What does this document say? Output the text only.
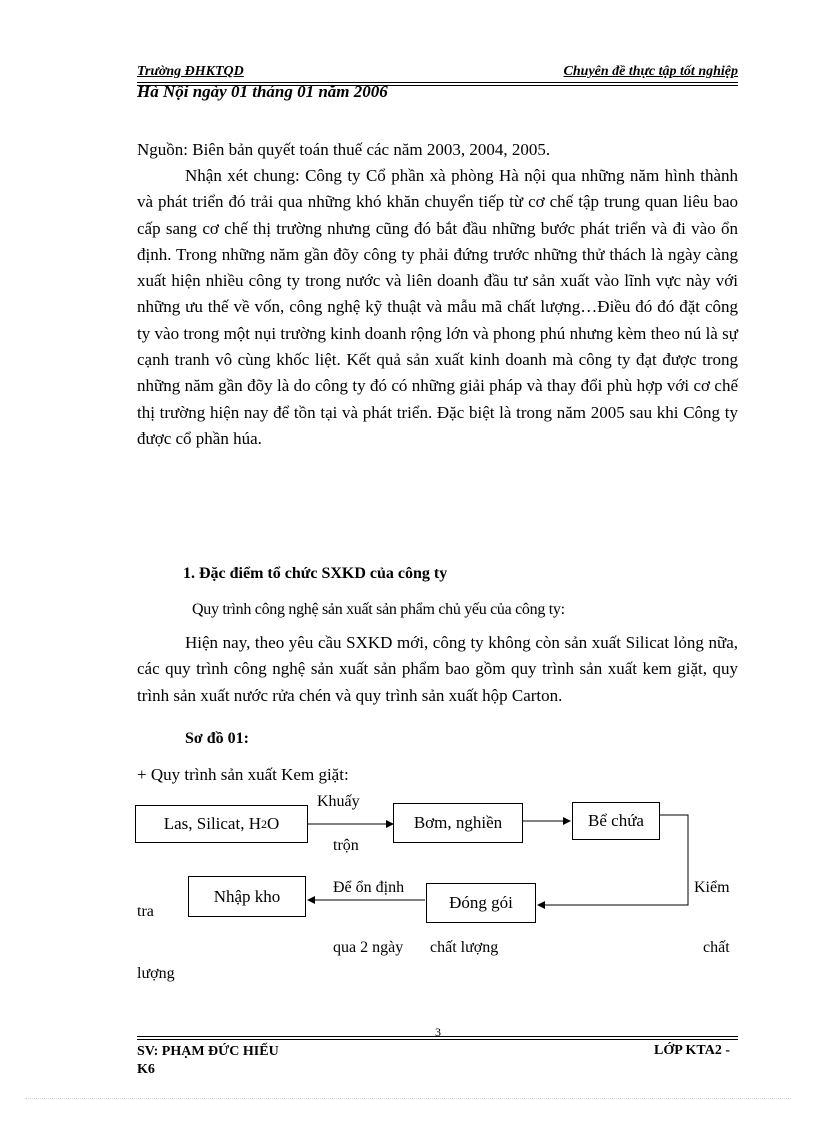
Trường ĐHKTQD	Chuyên đề thực tập tốt nghiệp
Hà Nội ngày 01 tháng 01 năm 2006
Nguồn: Biên bản quyết toán thuế các năm 2003, 2004, 2005.
Nhận xét chung: Công ty Cổ phần xà phòng Hà nội qua những năm hình thành và phát triển đó trải qua những khó khăn chuyển tiếp từ cơ chế tập trung quan liêu bao cấp sang cơ chế thị trường nhưng cũng đó bắt đầu những bước phát triển và đi vào ổn định. Trong những năm gần đõy công ty phải đứng trước những thử thách là ngày càng xuất hiện nhiều công ty trong nước và liên doanh đầu tư sản xuất vào lĩnh vực này với những ưu thế về vốn, công nghệ kỹ thuật và mẫu mã chất lượng…Điều đó đó đặt công ty vào trong một nụi trường kinh doanh rộng lớn và phong phú nhưng kèm theo nú là sự cạnh tranh vô cùng khốc liệt. Kết quả sản xuất kinh doanh mà công ty đạt được trong những năm gần đõy là do công ty đó có những giải pháp và thay đổi phù hợp với cơ chế thị trường hiện nay để tồn tại và phát triển. Đặc biệt là trong năm 2005 sau khi Công ty được cổ phần húa.
1. Đặc điểm tổ chức SXKD của công ty
Quy trình công nghệ sản xuất sản phẩm chủ yếu của công ty:
Hiện nay, theo yêu cầu SXKD mới, công ty không còn sản xuất Silicat lỏng nữa, các quy trình công nghệ sản xuất sản phẩm bao gồm quy trình sản xuất kem giặt, quy trình sản xuất nước rửa chén và quy trình sản xuất hộp Carton.
Sơ đồ 01:
+ Quy trình sản xuất Kem giặt:
Las, Silicat, H 2 O	Bơm, nghiền	Bể chứa
Đóng gói
Nhập kho
Khuấy
trộn
Để ổn định
qua 2 ngày
Kiểm
tra
chất lượng	chất
lượng
3
SV: PHẠM ĐỨC HIẾU
K6
LỚP KTA2 -
